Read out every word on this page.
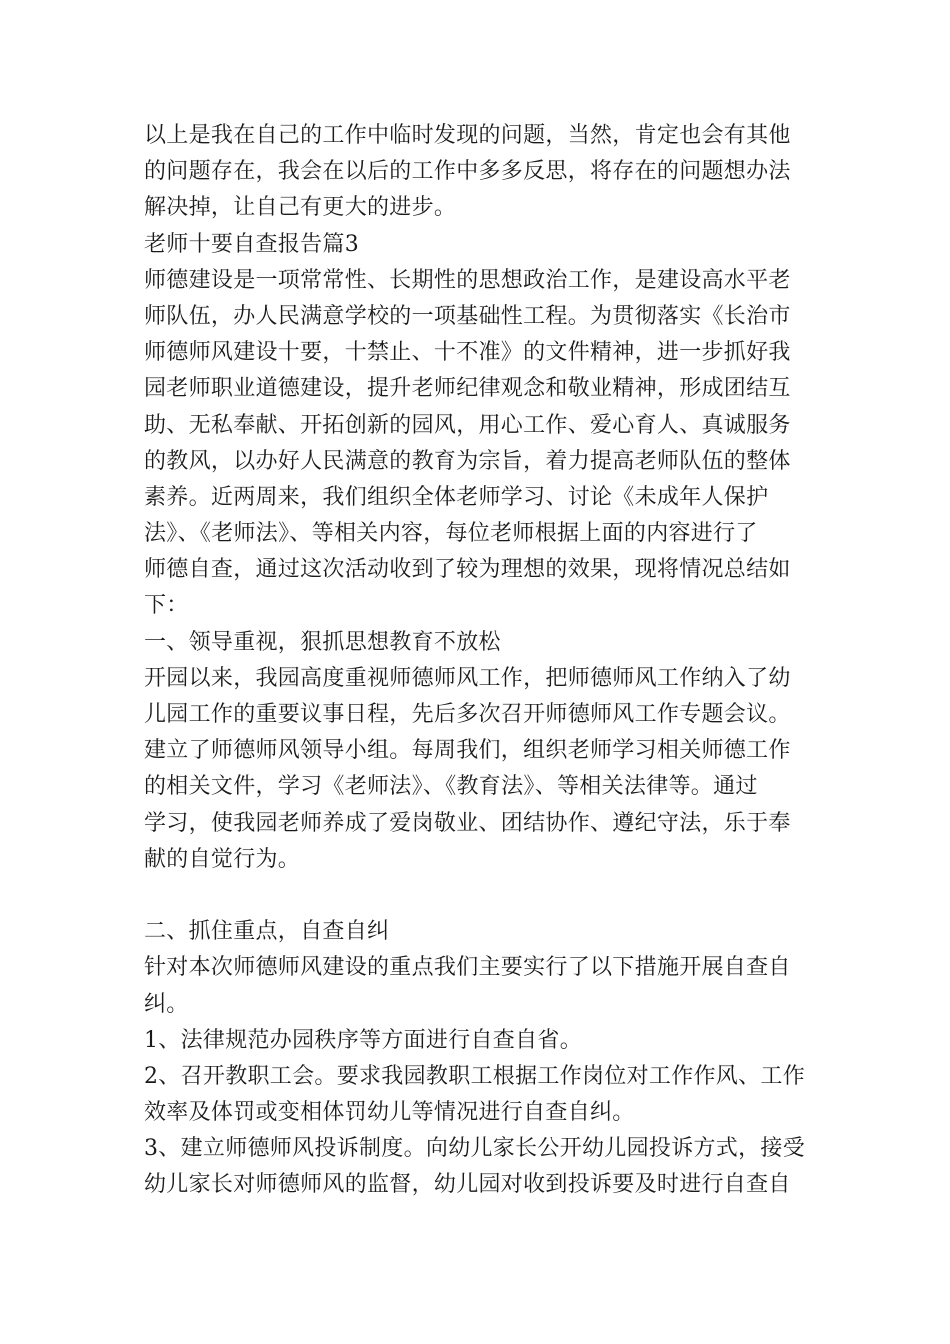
以上是我在自己的工作中临时发现的问题，当然，肯定也会有其他
的问题存在，我会在以后的工作中多多反思，将存在的问题想办法
解决掉，让自己有更大的进步。
老师十要自查报告篇3
师德建设是一项常常性、长期性的思想政治工作，是建设高水平老
师队伍，办人民满意学校的一项基础性工程。为贯彻落实《长治市
师德师风建设十要，十禁止、十不准》的文件精神，进一步抓好我
园老师职业道德建设，提升老师纪律观念和敬业精神，形成团结互
助、无私奉献、开拓创新的园风，用心工作、爱心育人、真诚服务
的教风，以办好人民满意的教育为宗旨，着力提高老师队伍的整体
素养。近两周来，我们组织全体老师学习、讨论《未成年人保护
法》、《老师法》、等相关内容，每位老师根据上面的内容进行了
师德自查，通过这次活动收到了较为理想的效果，现将情况总结如
下：
一、领导重视，狠抓思想教育不放松
开园以来，我园高度重视师德师风工作，把师德师风工作纳入了幼
儿园工作的重要议事日程，先后多次召开师德师风工作专题会议。
建立了师德师风领导小组。每周我们，组织老师学习相关师德工作
的相关文件，学习《老师法》、《教育法》、等相关法律等。通过
学习，使我园老师养成了爱岗敬业、团结协作、遵纪守法，乐于奉
献的自觉行为。
二、抓住重点，自查自纠
针对本次师德师风建设的重点我们主要实行了以下措施开展自查自
纠。
1、法律规范办园秩序等方面进行自查自省。
2、召开教职工会。要求我园教职工根据工作岗位对工作作风、工作
效率及体罚或变相体罚幼儿等情况进行自查自纠。
3、建立师德师风投诉制度。向幼儿家长公开幼儿园投诉方式，接受
幼儿家长对师德师风的监督，幼儿园对收到投诉要及时进行自查自
